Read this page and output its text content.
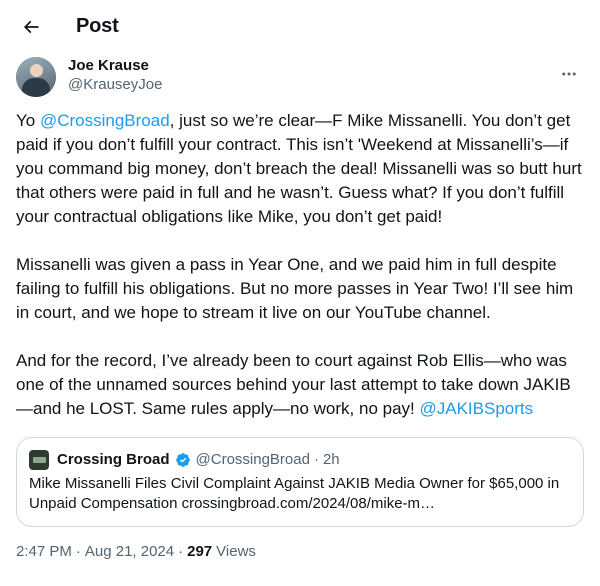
Post
Joe Krause
@KrauseyJoe

Yo @CrossingBroad, just so we’re clear—F Mike Missanelli. You don’t get paid if you don’t fulfill your contract. This isn’t 'Weekend at Missanelli’s—if you command big money, don’t breach the deal! Missanelli was so butt hurt that others were paid in full and he wasn’t. Guess what? If you don’t fulfill your contractual obligations like Mike, you don’t get paid!

Missanelli was given a pass in Year One, and we paid him in full despite failing to fulfill his obligations. But no more passes in Year Two! I’ll see him in court, and we hope to stream it live on our YouTube channel.

And for the record, I’ve already been to court against Rob Ellis—who was one of the unnamed sources behind your last attempt to take down JAKIB—and he LOST. Same rules apply—no work, no pay! @JAKIBSports

Crossing Broad @CrossingBroad · 2h
Mike Missanelli Files Civil Complaint Against JAKIB Media Owner for $65,000 in Unpaid Compensation crossingbroad.com/2024/08/mike-m…
2:47 PM · Aug 21, 2024 · 297 Views
